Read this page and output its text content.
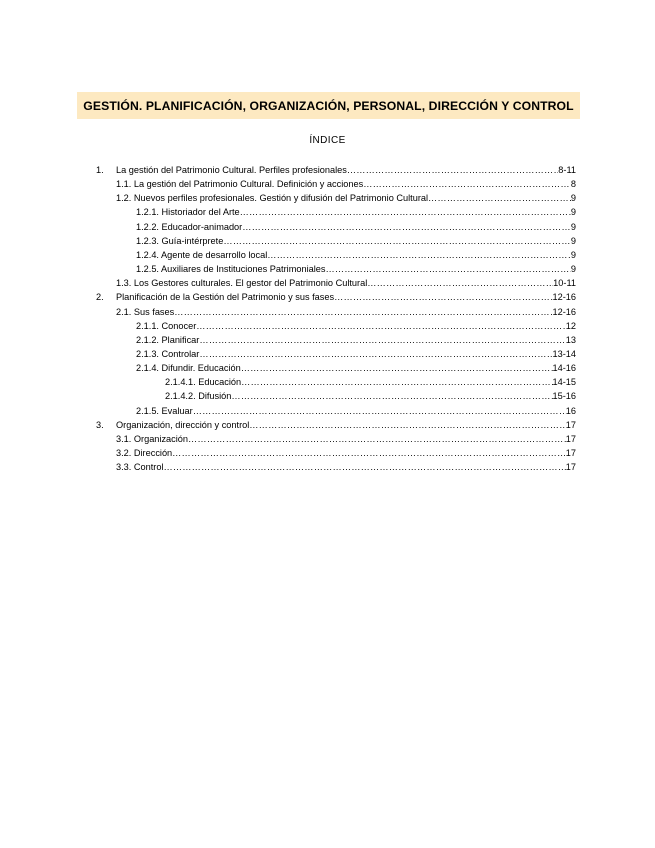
GESTIÓN. PLANIFICACIÓN, ORGANIZACIÓN, PERSONAL, DIRECCIÓN Y CONTROL
ÍNDICE
1.	La gestión del Patrimonio Cultural. Perfiles profesionales ……………………………………………………………………………………………………………………………………………………………………………………	8-11
1.1. La gestión del Patrimonio Cultural. Definición y acciones ……………………………………………………………………………………………………………………………………………………………………………………	8
1.2. Nuevos perfiles profesionales. Gestión y difusión del Patrimonio Cultural ……………………………………………………………………………………………………………………………………………………………………………………	9
1.2.1. Historiador del Arte ……………………………………………………………………………………………………………………………………………………………………………………	9
1.2.2. Educador-animador ……………………………………………………………………………………………………………………………………………………………………………………	9
1.2.3. Guía-intérprete ……………………………………………………………………………………………………………………………………………………………………………………	9
1.2.4. Agente de desarrollo local ……………………………………………………………………………………………………………………………………………………………………………………	9
1.2.5. Auxiliares de Instituciones Patrimoniales ……………………………………………………………………………………………………………………………………………………………………………………	9
1.3. Los Gestores culturales. El gestor del Patrimonio Cultural ……………………………………………………………………………………………………………………………………………………………………………………	10-11
2.	Planificación de la Gestión del Patrimonio y sus fases ……………………………………………………………………………………………………………………………………………………………………………………	12-16
2.1. Sus fases ……………………………………………………………………………………………………………………………………………………………………………………	12-16
2.1.1. Conocer ……………………………………………………………………………………………………………………………………………………………………………………	12
2.1.2. Planificar ……………………………………………………………………………………………………………………………………………………………………………………	13
2.1.3. Controlar ……………………………………………………………………………………………………………………………………………………………………………………	13-14
2.1.4. Difundir. Educación ……………………………………………………………………………………………………………………………………………………………………………………	14-16
2.1.4.1. Educación ……………………………………………………………………………………………………………………………………………………………………………………	14-15
2.1.4.2. Difusión ……………………………………………………………………………………………………………………………………………………………………………………	15-16
2.1.5. Evaluar ……………………………………………………………………………………………………………………………………………………………………………………	16
3.	Organización, dirección y control ……………………………………………………………………………………………………………………………………………………………………………………	17
3.1. Organización ……………………………………………………………………………………………………………………………………………………………………………………	17
3.2. Dirección ……………………………………………………………………………………………………………………………………………………………………………………	17
3.3. Control ……………………………………………………………………………………………………………………………………………………………………………………	17
